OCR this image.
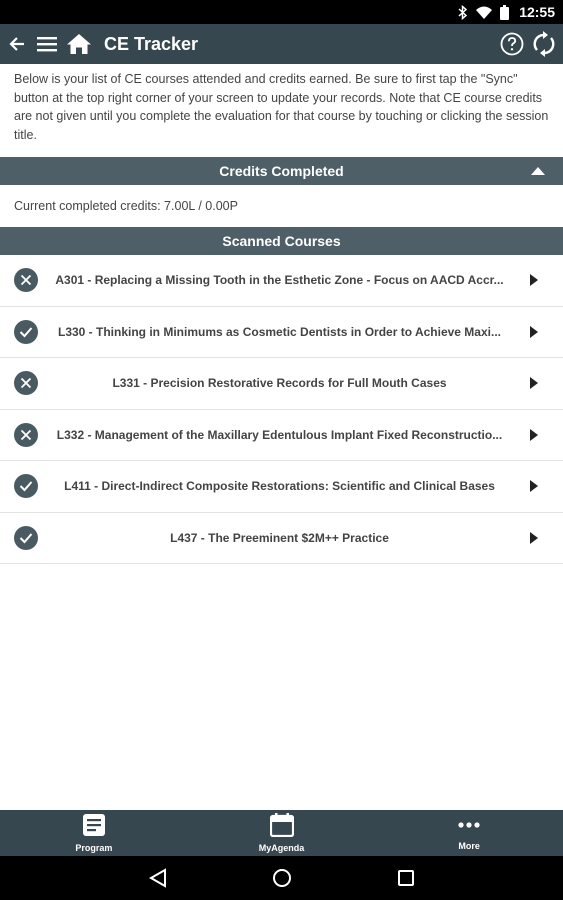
12:55
CE Tracker

Below is your list of CE courses attended and credits earned. Be sure to first tap the "Sync" button at the top right corner of your screen to update your records. Note that CE course credits are not given until you complete the evaluation for that course by touching or clicking the session title.

Credits Completed
Current completed credits: 7.00L / 0.00P
Scanned Courses
A301 - Replacing a Missing Tooth in the Esthetic Zone - Focus on AACD Accr...
L330 - Thinking in Minimums as Cosmetic Dentists in Order to Achieve Maxi...
L331 - Precision Restorative Records for Full Mouth Cases
L332 - Management of the Maxillary Edentulous Implant Fixed Reconstructio...
L411 - Direct-Indirect Composite Restorations: Scientific and Clinical Bases
L437 - The Preeminent $2M++ Practice
Program	MyAgenda	More
